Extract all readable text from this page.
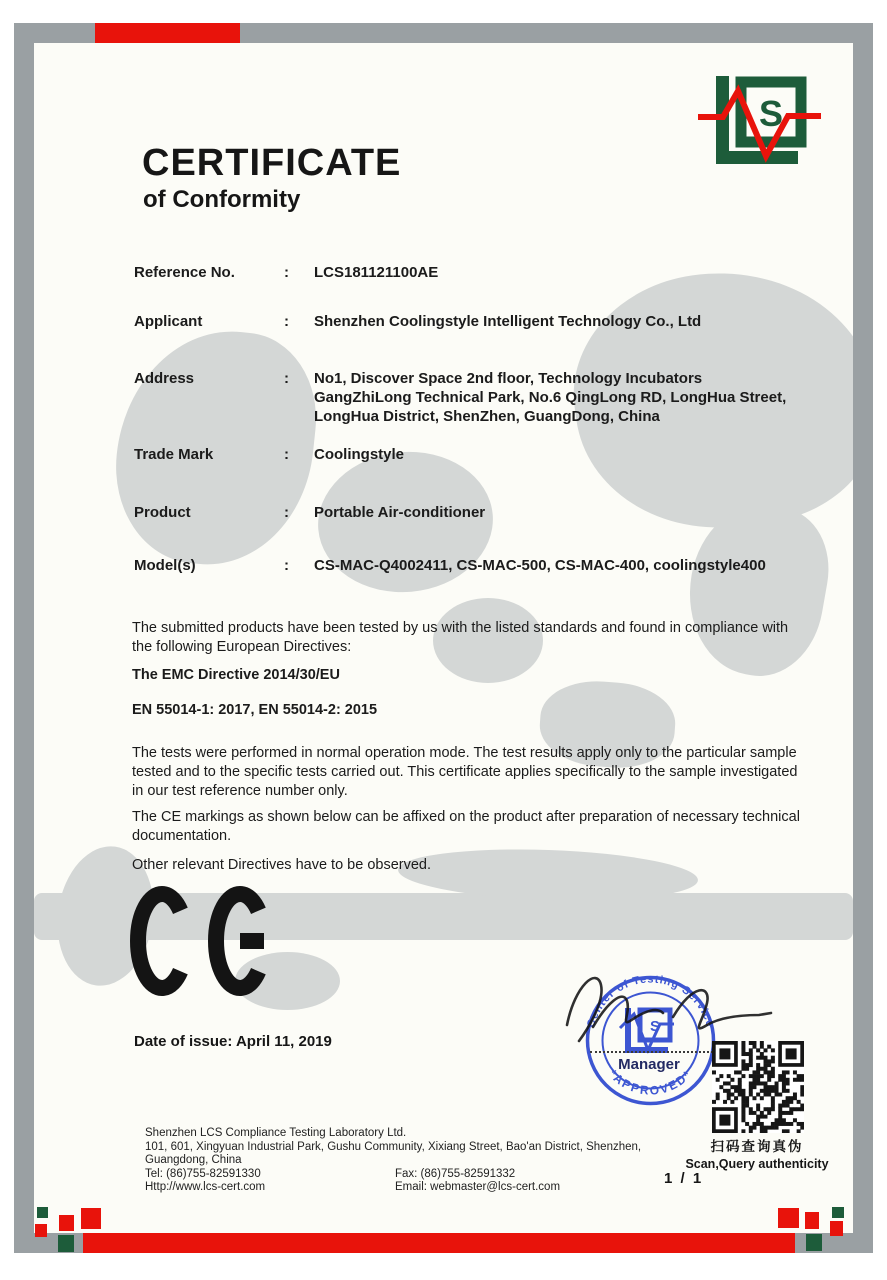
S
CERTIFICATE
of Conformity
Reference No.	:	LCS181121100AE
Applicant	:	Shenzhen Coolingstyle Intelligent Technology Co., Ltd
Address	:	No1, Discover Space 2nd floor, Technology Incubators GangZhiLong Technical Park, No.6 QingLong RD, LongHua Street, LongHua District, ShenZhen, GuangDong, China
Trade Mark	:	Coolingstyle
Product	:	Portable Air-conditioner
Model(s)	:	CS-MAC-Q4002411, CS-MAC-500, CS-MAC-400, coolingstyle400

The submitted products have been tested by us with the listed standards and found in compliance with the following European Directives:

The EMC Directive 2014/30/EU

EN 55014-1: 2017, EN 55014-2: 2015

The tests were performed in normal operation mode. The test results apply only to the particular sample tested and to the specific tests carried out. This certificate applies specifically to the sample investigated in our test reference number only.

The CE markings as shown below can be affixed on the product after preparation of necessary technical documentation.

Other relevant Directives have to be observed.

Date of issue: April 11, 2019
Center of Testing Service
*APPROVED*
S
Manager
扫码查询真伪
Scan,Query authenticity
Shenzhen LCS Compliance Testing Laboratory Ltd.
101, 601, Xingyuan Industrial Park, Gushu Community, Xixiang Street, Bao'an District, Shenzhen,
Guangdong, China
Tel: (86)755-82591330	Fax: (86)755-82591332
Http://www.lcs-cert.com	Email: webmaster@lcs-cert.com	1 / 1
